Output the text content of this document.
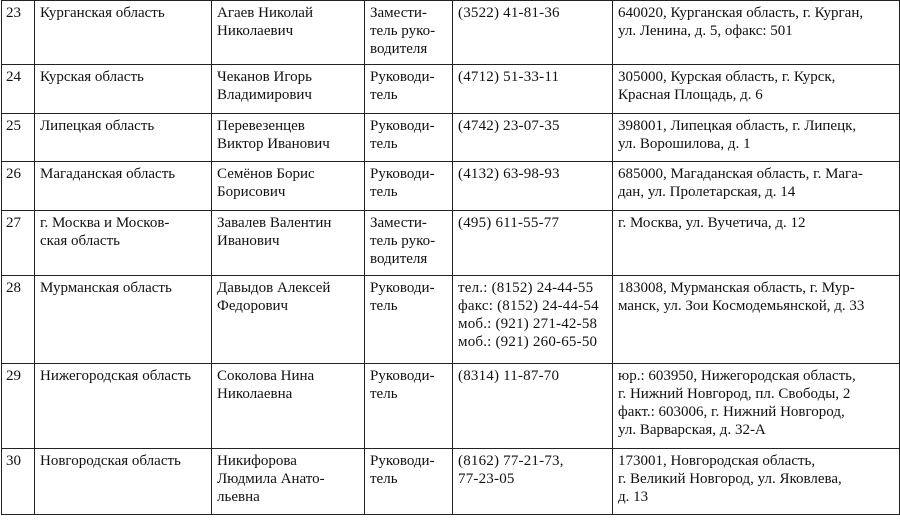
23	Курганская область	Агаев Николай
Николаевич	Замести-
тель руко-
водителя	(3522) 41-81-36	640020, Курганская область, г. Курган,
ул. Ленина, д. 5, офакс: 501
24	Курская область	Чеканов Игорь
Владимирович	Руководи-
тель	(4712) 51-33-11	305000, Курская область, г. Курск,
Красная Площадь, д. 6
25	Липецкая область	Перевезенцев
Виктор Иванович	Руководи-
тель	(4742) 23-07-35	398001, Липецкая область, г. Липецк,
ул. Ворошилова, д. 1
26	Магаданская область	Семёнов Борис
Борисович	Руководи-
тель	(4132) 63-98-93	685000, Магаданская область, г. Мага-
дан, ул. Пролетарская, д. 14
27	г. Москва и Москов-
ская область	Завалев Валентин
Иванович	Замести-
тель руко-
водителя	(495) 611-55-77	г. Москва, ул. Вучетича, д. 12
28	Мурманская область	Давыдов Алексей
Федорович	Руководи-
тель	тел.: (8152) 24-44-55
факс: (8152) 24-44-54
моб.: (921) 271-42-58
моб.: (921) 260-65-50	183008, Мурманская область, г. Мур-
манск, ул. Зои Космодемьянской, д. 33
29	Нижегородская область	Соколова Нина
Николаевна	Руководи-
тель	(8314) 11-87-70	юр.: 603950, Нижегородская область,
г. Нижний Новгород, пл. Свободы, 2
факт.: 603006, г. Нижний Новгород,
ул. Варварская, д. 32-А
30	Новгородская область	Никифорова
Людмила Анато-
льевна	Руководи-
тель	(8162) 77-21-73,
77-23-05	173001, Новгородская область,
г. Великий Новгород, ул. Яковлева,
д. 13
